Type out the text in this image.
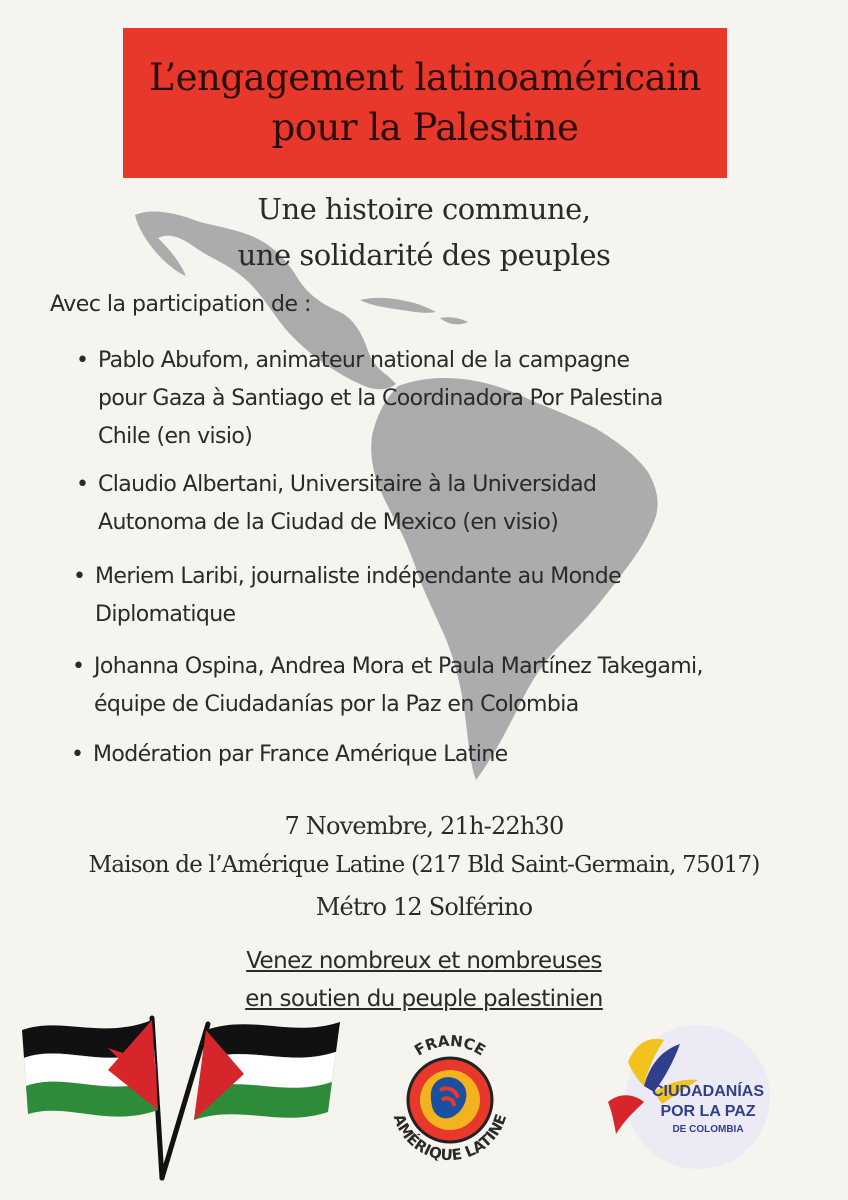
L’engagement latinoaméricain
pour la Palestine
Une histoire commune,
une solidarité des peuples
Avec la participation de :
• Pablo Abufom, animateur national de la campagne
pour Gaza à Santiago et la Coordinadora Por Palestina
Chile (en visio)
• Claudio Albertani, Universitaire à la Universidad
Autonoma de la Ciudad de Mexico (en visio)
• Meriem Laribi, journaliste indépendante au Monde
Diplomatique
• Johanna Ospina, Andrea Mora et Paula Martínez Takegami,
équipe de Ciudadanías por la Paz en Colombia
• Modération par France Amérique Latine
7 Novembre, 21h-22h30
Maison de l’Amérique Latine (217 Bld Saint-Germain, 75017)
Métro 12 Solférino
Venez nombreux et nombreuses
en soutien du peuple palestinien
FRANCE
AMÉRIQUE LATINE
CIUDADANÍAS
POR LA PAZ
DE COLOMBIA
